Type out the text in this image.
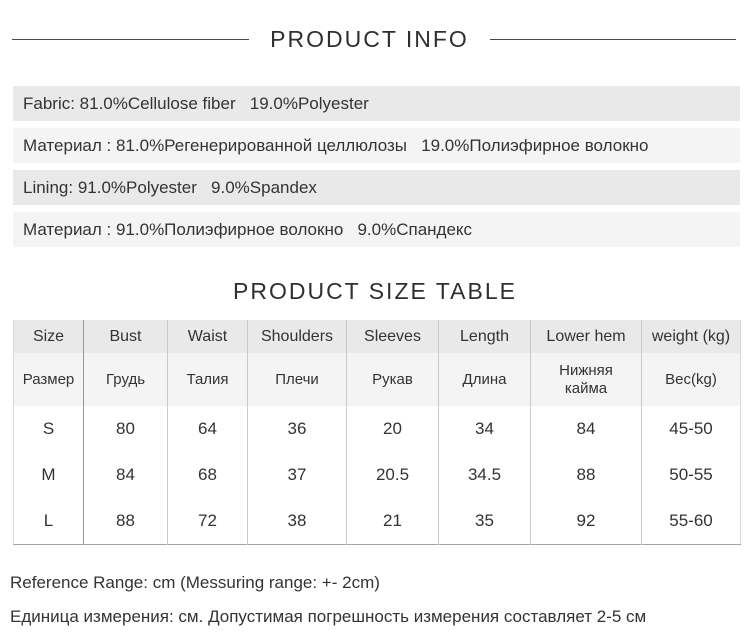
PRODUCT INFO
Fabric: 81.0%Cellulose fiber   19.0%Polyester
Материал : 81.0%Регенерированной целлюлозы   19.0%Полиэфирное волокно
Lining: 91.0%Polyester   9.0%Spandex
Материал : 91.0%Полиэфирное волокно   9.0%Спандекс
PRODUCT SIZE TABLE
Size	Bust	Waist	Shoulders	Sleeves	Length	Lower hem	weight (kg)
Размер	Грудь	Талия	Плечи	Рукав	Длина	Нижняя кайма	Вес(kg)
S	80	64	36	20	34	84	45-50
M	84	68	37	20.5	34.5	88	50-55
L	88	72	38	21	35	92	55-60
Reference Range: cm (Messuring range: +- 2cm)
Единица измерения: см. Допустимая погрешность измерения составляет 2-5 см
